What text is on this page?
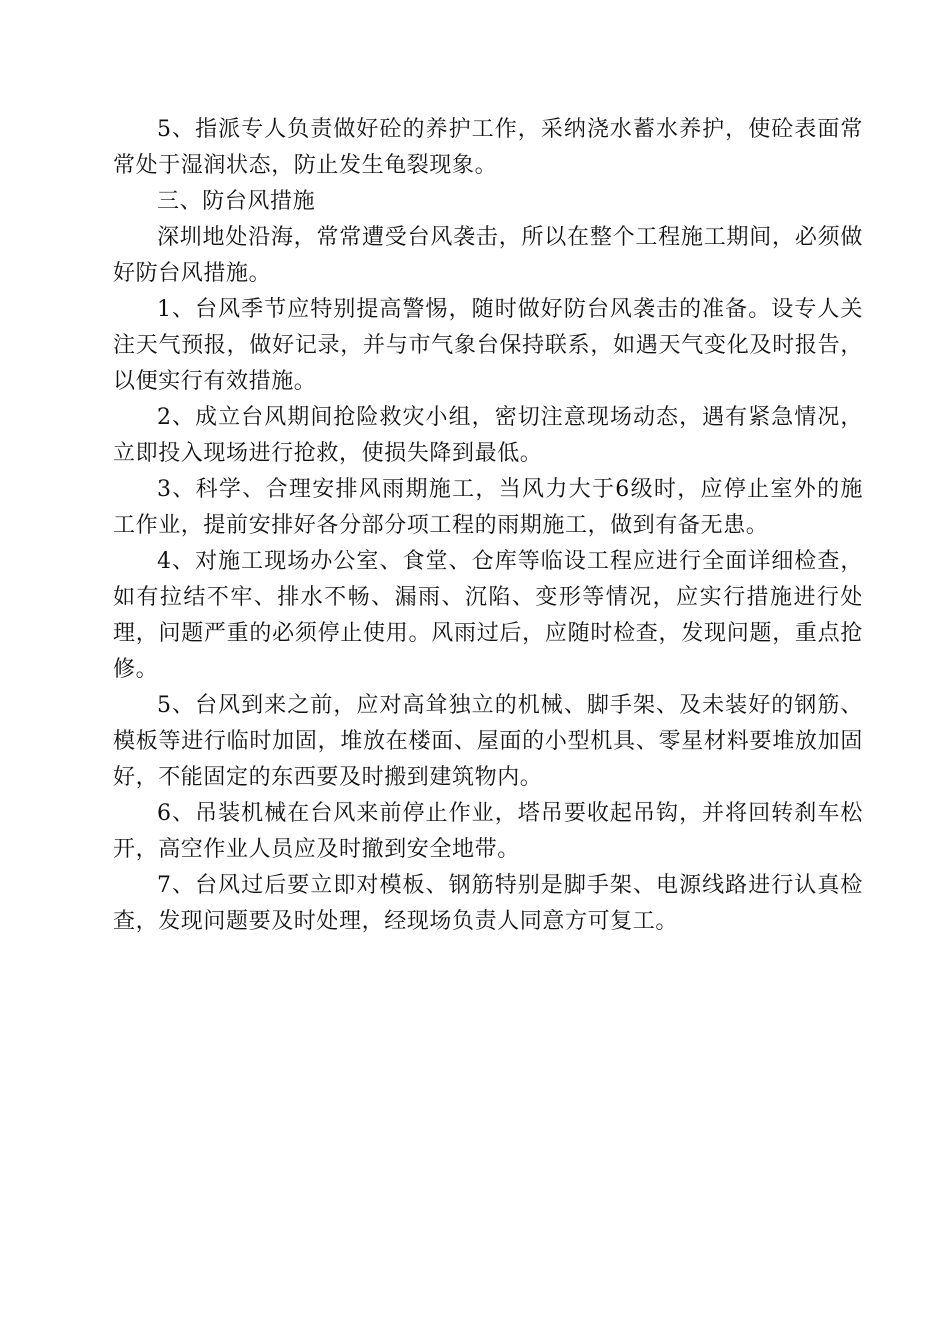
5、指派专人负责做好砼的养护工作，采纳浇水蓄水养护，使砼表面常常处于湿润状态，防止发生龟裂现象。

三、防台风措施

深圳地处沿海，常常遭受台风袭击，所以在整个工程施工期间，必须做好防台风措施。

1、台风季节应特别提高警惕，随时做好防台风袭击的准备。设专人关注天气预报，做好记录，并与市气象台保持联系，如遇天气变化及时报告，以便实行有效措施。

2、成立台风期间抢险救灾小组，密切注意现场动态，遇有紧急情况，立即投入现场进行抢救，使损失降到最低。

3、科学、合理安排风雨期施工，当风力大于6级时，应停止室外的施工作业，提前安排好各分部分项工程的雨期施工，做到有备无患。

4、对施工现场办公室、食堂、仓库等临设工程应进行全面详细检查，如有拉结不牢、排水不畅、漏雨、沉陷、变形等情况，应实行措施进行处理，问题严重的必须停止使用。风雨过后，应随时检查，发现问题，重点抢修。

5、台风到来之前，应对高耸独立的机械、脚手架、及未装好的钢筋、模板等进行临时加固，堆放在楼面、屋面的小型机具、零星材料要堆放加固好，不能固定的东西要及时搬到建筑物内。

6、吊装机械在台风来前停止作业，塔吊要收起吊钩，并将回转刹车松开，高空作业人员应及时撤到安全地带。

7、台风过后要立即对模板、钢筋特别是脚手架、电源线路进行认真检查，发现问题要及时处理，经现场负责人同意方可复工。
